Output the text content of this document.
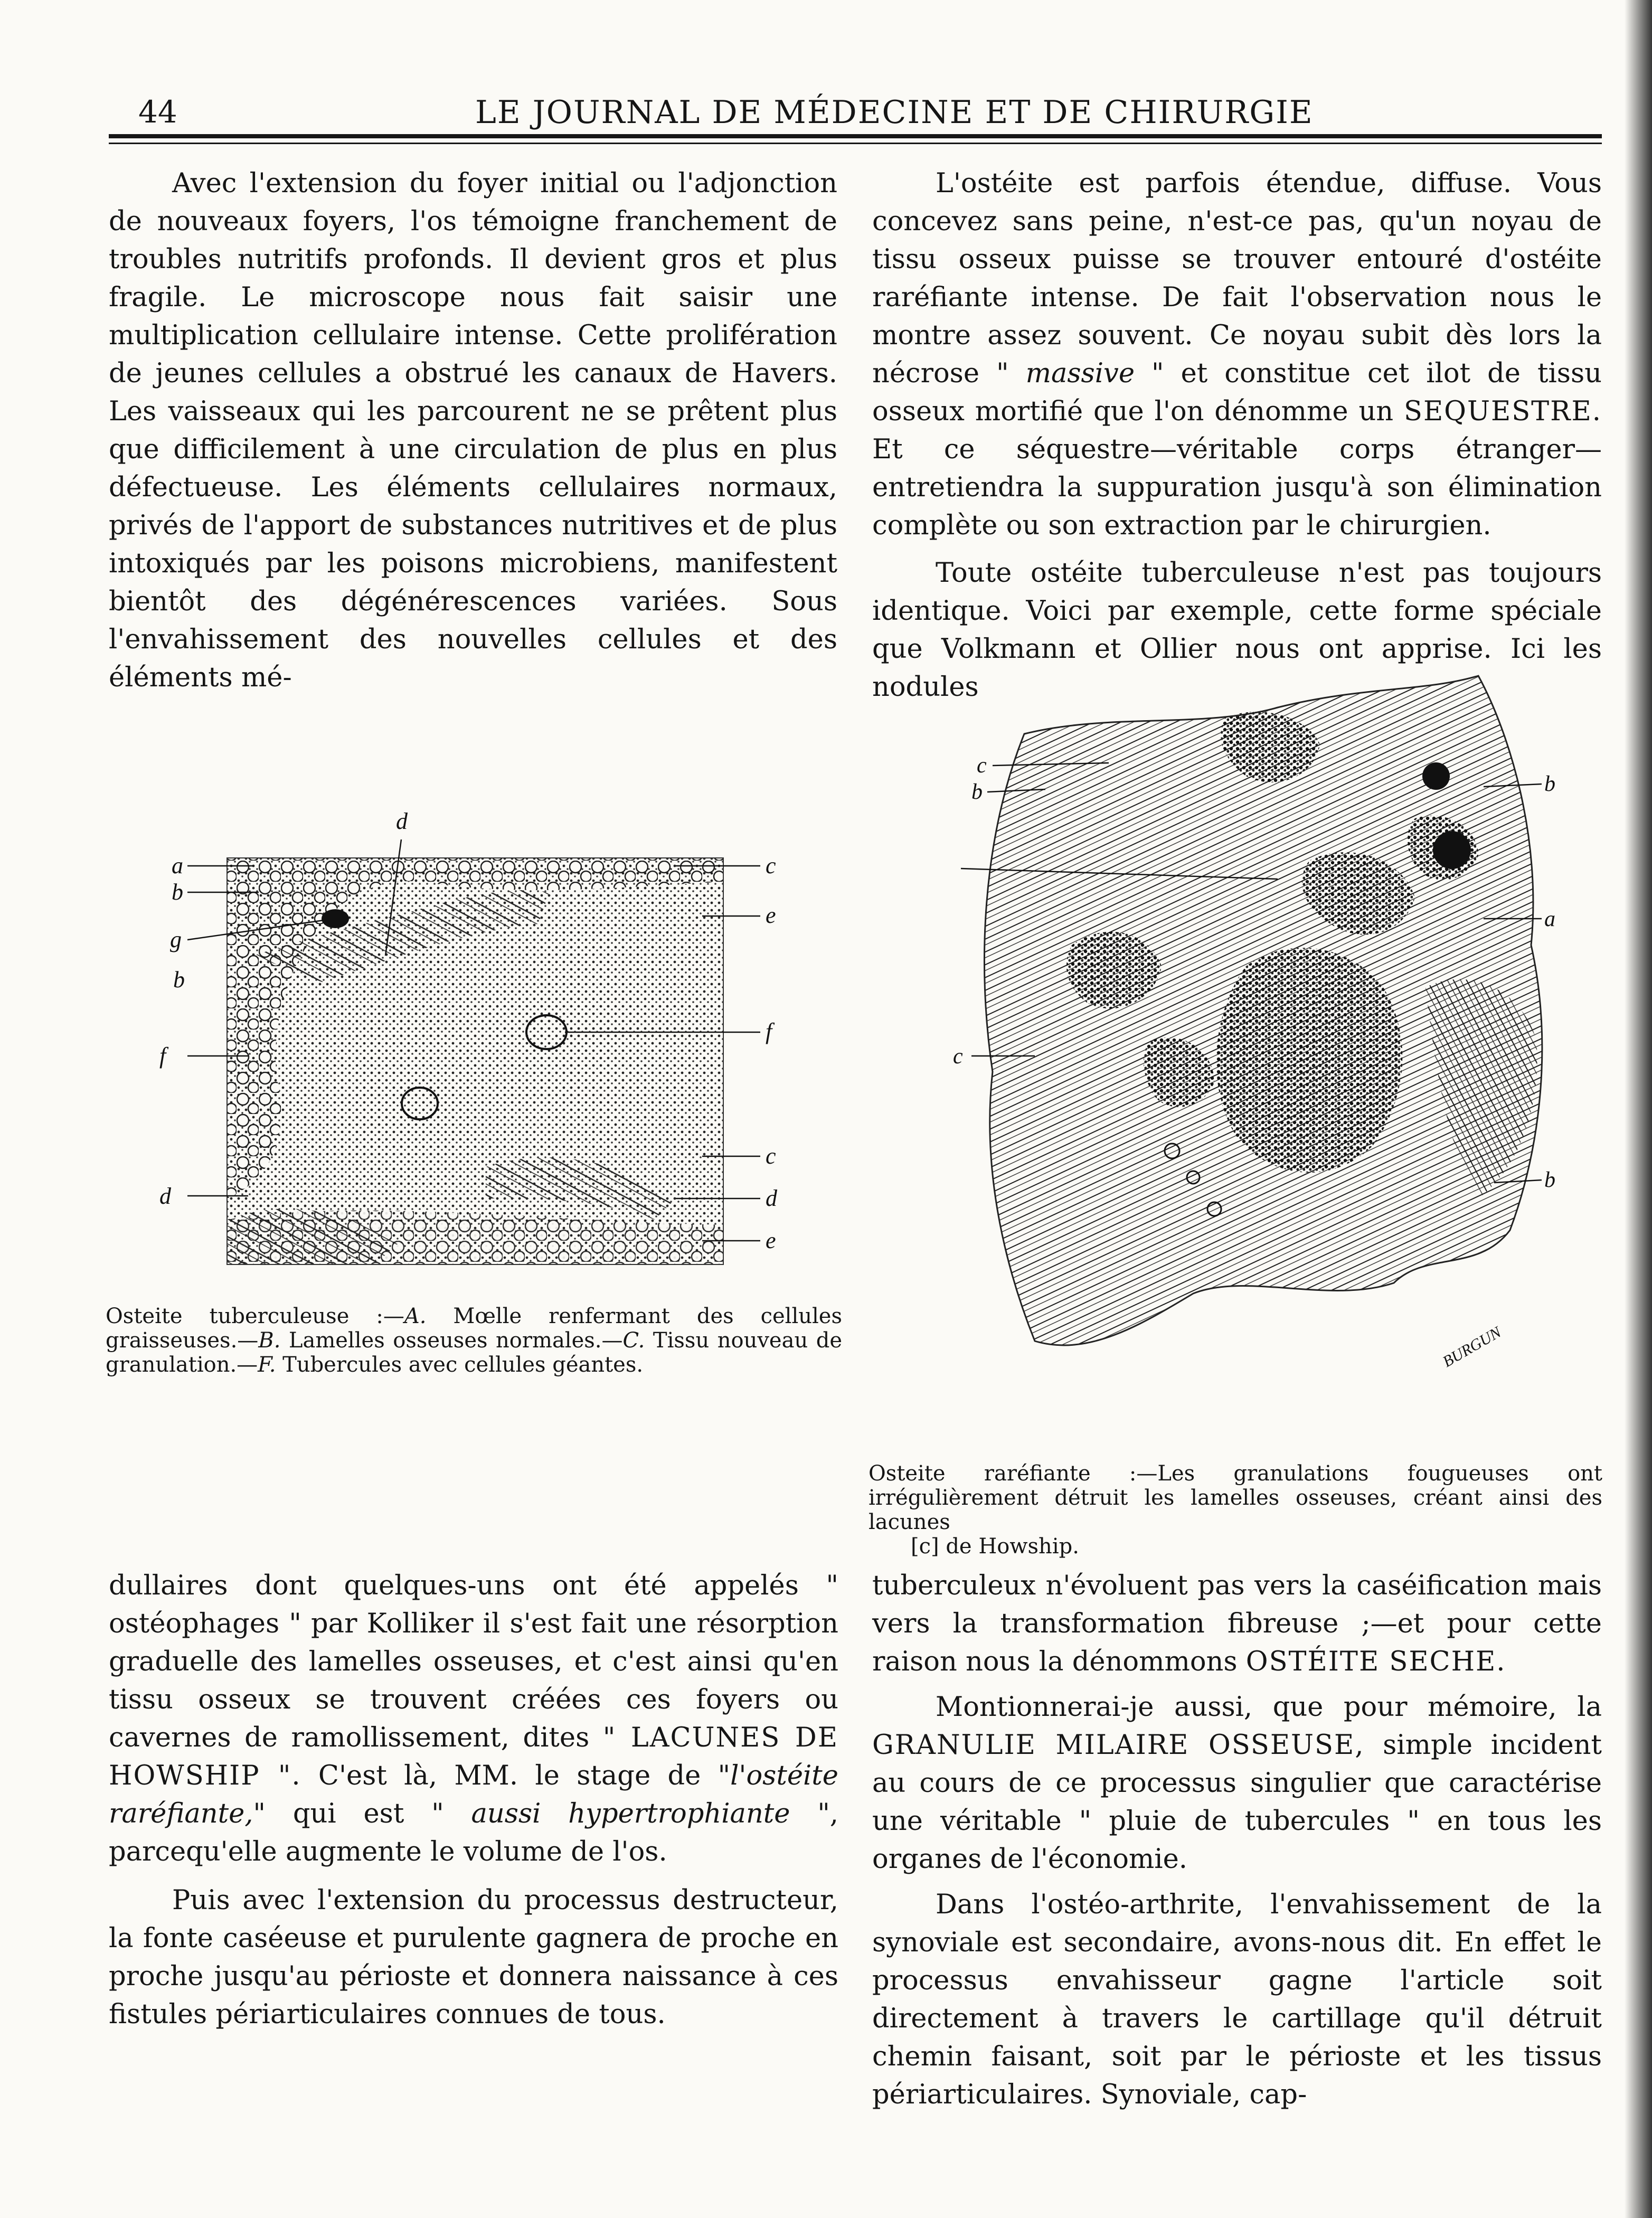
44	LE JOURNAL DE MÉDECINE ET DE CHIRURGIE

Avec l'extension du foyer initial ou l'adjonction de nouveaux foyers, l'os témoigne franchement de troubles nutritifs profonds. Il devient gros et plus fragile. Le microscope nous fait saisir une multiplication cellulaire intense. Cette prolifération de jeunes cellules a obstrué les canaux de Havers. Les vaisseaux qui les parcourent ne se prêtent plus que difficilement à une circulation de plus en plus défectueuse. Les éléments cellulaires normaux, privés de l'apport de substances nutritives et de plus intoxiqués par les poisons microbiens, manifestent bientôt des dégénérescences variées. Sous l'envahissement des nouvelles cellules et des éléments mé-

L'ostéite est parfois étendue, diffuse. Vous concevez sans peine, n'est-ce pas, qu'un noyau de tissu osseux puisse se trouver entouré d'ostéite raréfiante intense. De fait l'observation nous le montre assez souvent. Ce noyau subit dès lors la nécrose " massive " et constitue cet ilot de tissu osseux mortifié que l'on dénomme un SEQUESTRE. Et ce séquestre—véritable corps étranger—entretiendra la suppuration jusqu'à son élimination complète ou son extraction par le chirurgien.

Toute ostéite tuberculeuse n'est pas toujours identique. Voici par exemple, cette forme spéciale que Volkmann et Ollier nous ont apprise. Ici les nodules

a
b
g
b
f
d
d
c
e
f
c
d
e
Osteite tuberculeuse :—A. Mœlle renfermant des cellules graisseuses.—B. Lamelles osseuses normales.—C. Tissu nouveau de granulation.—F. Tubercules avec cellules géantes.
c
b	b
a
c
b
BURGUN
Osteite raréfiante :—Les granulations fougueuses ont irrégulièrement détruit les lamelles osseuses, créant ainsi des lacunes
[c] de Howship.

dullaires dont quelques-uns ont été appelés " ostéophages " par Kolliker il s'est fait une résorption graduelle des lamelles osseuses, et c'est ainsi qu'en tissu osseux se trouvent créées ces foyers ou cavernes de ramollissement, dites " LACUNES DE HOWSHIP ". C'est là, MM. le stage de "l'ostéite raréfiante," qui est " aussi hypertrophiante ", parcequ'elle augmente le volume de l'os.

Puis avec l'extension du processus destructeur, la fonte caséeuse et purulente gagnera de proche en proche jusqu'au périoste et donnera naissance à ces fistules périarticulaires connues de tous.

tuberculeux n'évoluent pas vers la caséification mais vers la transformation fibreuse ;—et pour cette raison nous la dénommons OSTÉITE SECHE.

Montionnerai-je aussi, que pour mémoire, la GRANULIE MILAIRE OSSEUSE, simple incident au cours de ce processus singulier que caractérise une véritable " pluie de tubercules " en tous les organes de l'économie.

Dans l'ostéo-arthrite, l'envahissement de la synoviale est secondaire, avons-nous dit. En effet le processus envahisseur gagne l'article soit directement à travers le cartillage qu'il détruit chemin faisant, soit par le périoste et les tissus périarticulaires. Synoviale, cap-
